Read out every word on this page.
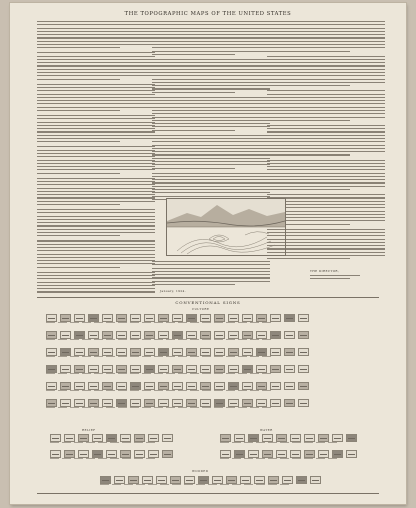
THE TOPOGRAPHIC MAPS OF THE UNITED STATES
THE DIRECTOR,
January, 1924.
CONVENTIONAL SIGNS
CULTURE
RELIEF	WATER
WOODED
